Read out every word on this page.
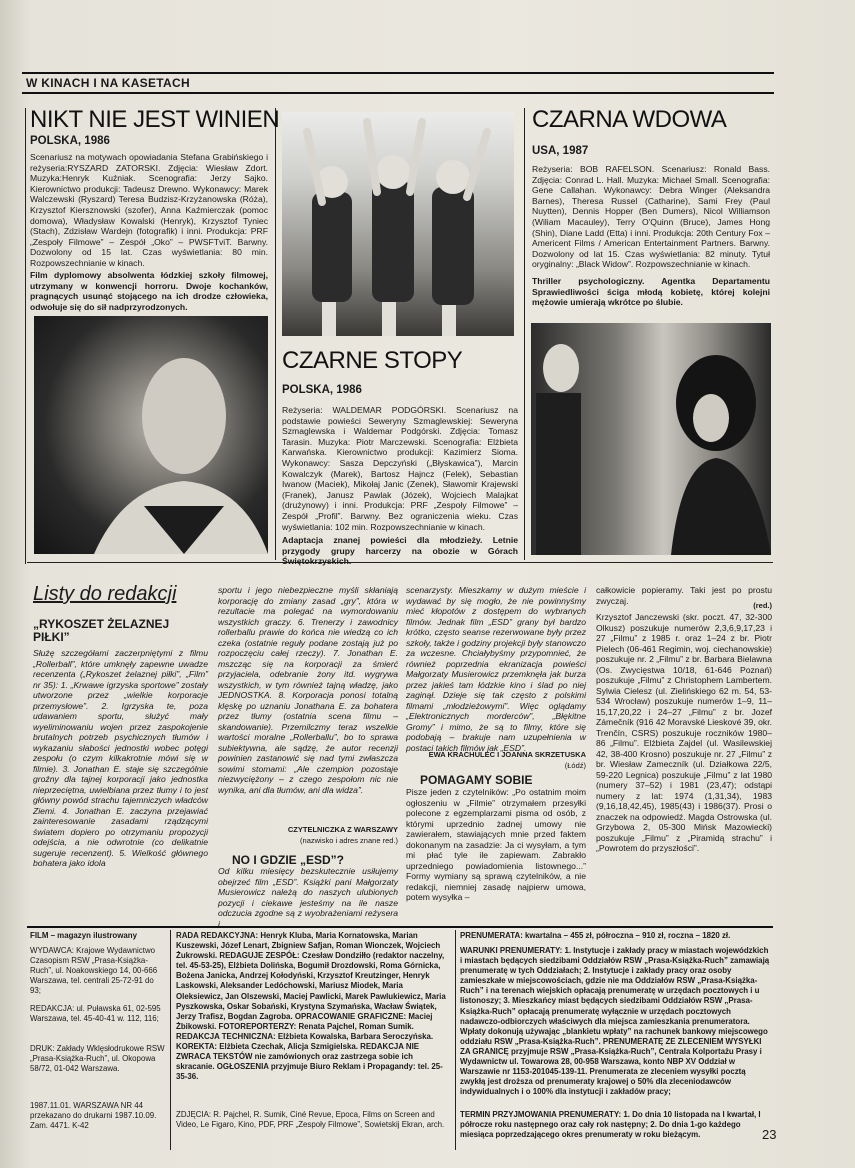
W KINACH I NA KASETACH
NIKT NIE JEST WINIEN
POLSKA, 1986
Scenariusz na motywach opowiadania Stefana Grabińskiego i reżyseria:RYSZARD ZATORSKI. Zdjęcia: Wiesław Zdort. Muzyka:Henryk Kuźniak. Scenografia: Jerzy Sajko. Kierownictwo produkcji: Tadeusz Drewno. Wykonawcy: Marek Walczewski (Ryszard) Teresa Budzisz-Krzyżanowska (Róża), Krzysztof Kiersznowski (szofer), Anna Kaźmierczak (pomoc domowa), Władysław Kowalski (Henryk), Krzysztof Tyniec (Stach), Zdzisław Wardejn (fotografik) i inni. Produkcja: PRF „Zespoły Filmowe” – Zespół „Oko” – PWSFTviT. Barwny. Dozwolony od 15 lat. Czas wyświetlania: 80 min. Rozpowszechnianie w kinach.
Film dyplomowy absolwenta łódzkiej szkoły filmowej, utrzymany w konwencji horroru. Dwoje kochanków, pragnących usunąć stojącego na ich drodze człowieka, odwołuje się do sił nadprzyrodzonych.
CZARNE STOPY
POLSKA, 1986
Reżyseria: WALDEMAR PODGÓRSKI. Scenariusz na podstawie powieści Seweryny Szmaglewskiej: Seweryna Szmaglewska i Waldemar Podgórski. Zdjęcia: Tomasz Tarasin. Muzyka: Piotr Marczewski. Scenografia: Elżbieta Karwańska. Kierownictwo produkcji: Kazimierz Sioma. Wykonawcy: Sasza Depczyński („Błyskawica”), Marcin Kowalczyk (Marek), Bartosz Hajncz (Felek), Sebastian Iwanow (Maciek), Mikołaj Janic (Zenek), Sławomir Krajewski (Franek), Janusz Pawlak (Józek), Wojciech Malajkat (drużynowy) i inni. Produkcja: PRF „Zespoły Filmowe” – Zespół „Profil”. Barwny. Bez ograniczenia wieku. Czas wyświetlania: 102 min. Rozpowszechnianie w kinach.
Adaptacja znanej powieści dla młodzieży. Letnie przygody grupy harcerzy na obozie w Górach Świętokrzyskich.
CZARNA WDOWA
USA, 1987
Reżyseria: BOB RAFELSON. Scenariusz: Ronald Bass. Zdjęcia: Conrad L. Hall. Muzyka: Michael Small. Scenografia: Gene Callahan. Wykonawcy: Debra Winger (Aleksandra Barnes), Theresa Russel (Catharine), Sami Frey (Paul Nuytten), Dennis Hopper (Ben Dumers), Nicol Williamson (Wiliam Macauley), Terry O'Quinn (Bruce), James Hong (Shin), Diane Ladd (Etta) i inni. Produkcja: 20th Century Fox – Americent Films / American Entertainment Partners. Barwny. Dozwolony od lat 15. Czas wyświetlania: 82 minuty. Tytuł oryginalny: „Black Widow”. Rozpowszechnianie w kinach.
Thriller psychologiczny. Agentka Departamentu Sprawiedliwości ściga młodą kobietę, której kolejni mężowie umierają wkrótce po ślubie.
Listy do redakcji
„RYKOSZET ŻELAZNEJ PIŁKI”
Służę szczegółami zaczerpniętymi z filmu „Rollerball”, które umknęły zapewne uwadze recenzenta („Rykoszet żelaznej piłki”, „Film” nr 35): 1. „Krwawe igrzyska sportowe” zostały utworzone przez „wielkie korporacje przemysłowe”. 2. Igrzyska te, poza udawaniem sportu, służyć mały wyeliminowaniu wojen przez zaspokojenie brutalnych potrzeb psychicznych tłumów i wykazaniu słabości jednostki wobec potęgi zespołu (o czym kilkakrotnie mówi się w filmie). 3. Jonathan E. staje się szczególnie groźny dla tajnej korporacji jako jednostka nieprzeciętna, uwielbiana przez tłumy i to jest główny powód strachu tajemniczych władców Ziemi. 4. Jonathan E. zaczyna przejawiać zainteresowanie zasadami rządzącymi światem dopiero po otrzymaniu propozycji odejścia, a nie odwrotnie (co delikatnie sugeruje recenzent). 5. Wielkość głównego bohatera jako idola
sportu i jego niebezpieczne myśli skłaniają korporację do zmiany zasad „gry”, która w rezultacie ma polegać na wymordowaniu wszystkich graczy. 6. Trenerzy i zawodnicy rollerballu prawie do końca nie wiedzą co ich czeka (ostatnie reguły podane zostają już po rozpoczęciu całej rzeczy). 7. Jonathan E. mszcząc się na korporacji za śmierć przyjaciela, odebranie żony itd. wygrywa wszystkich, w tym również tajną władzę, jako JEDNOSTKA. 8. Korporacja ponosi totalną klęskę po uznaniu Jonathana E. za bohatera przez tłumy (ostatnia scena filmu – skandowanie). Przemilczmy teraz wszelkie wartości moralne „Rollerballu”, bo to sprawa subiektywna, ale sądzę, że autor recenzji powinien zastanowić się nad tymi zwłaszcza sowimi stomami: „Ale czempion pozostaje niezwyciężony – z czego zespołom nic nie wynika, ani dla tłumów, ani dla widza”.
CZYTELNICZKA Z WARSZAWY
(nazwisko i adres znane red.)
NO I GDZIE „ESD”?
Od kilku miesięcy bezskutecznie usiłujemy obejrzeć film „ESD”. Książki pani Małgorzaty Musierowicz należą do naszych ulubionych pozycji i ciekawe jesteśmy na ile nasze odczucia zgodne są z wyobrażeniami reżysera i
scenarzysty. Mieszkamy w dużym mieście i wydawać by się mogło, że nie powinnyśmy mieć kłopotów z dostępem do wybranych filmów. Jednak film „ESD” grany był bardzo krótko, często seanse rezerwowane były przez szkoły, także i godziny projekcji były stanowczo za wczesne. Chciałybyśmy przypomnieć, że również poprzednia ekranizacja powieści Małgorzaty Musierowicz przemknęła jak burza przez jakieś tam łódzkie kino i ślad po niej zaginął. Dzieje się tak często z polskimi filmami „młodzieżowymi”. Więc oglądamy „Elektronicznych morderców”, „Błękitne Gromy” i mimo, że są to filmy, które się podobają – brakuje nam uzupełnienia w postaci takich filmów jak „ESD”.
EWA KRACHULEC I JOANNA SKRZETUSKA
(Łódź)
POMAGAMY SOBIE
Pisze jeden z czytelników: „Po ostatnim moim ogłoszeniu w „Filmie” otrzymałem przesyłki polecone z egzemplarzami pisma od osób, z którymi uprzednio żadnej umowy nie zawierałem, stawiających mnie przed faktem dokonanym na zasadzie: Ja ci wysyłam, a tym mi płać tyle ile zapiewam. Zabrakło uprzedniego powiadomienia listownego...” Formy wymiany są sprawą czytelników, a nie redakcji, niemniej zasadę najpierw umowa, potem wysyłka –
całkowicie popieramy. Taki jest po prostu zwyczaj.	(red.)
Krzysztof Janczewski (skr. poczt. 47, 32-300 Olkusz) poszukuje numerów 2,3,6,9,17,23 i 27 „Filmu” z 1985 r. oraz 1–24 z br. Piotr Pielech (06-461 Regimin, woj. ciechanowskie) poszukuje nr. 2 „Filmu” z br. Barbara Bielawna (Os. Zwycięstwa 10/18, 61-646 Poznań) poszukuje „Filmu” z Christophem Lambertem. Sylwia Cielesz (ul. Zielińskiego 62 m. 54, 53-534 Wrocław) poszukuje numerów 1–9, 11–15,17,20,22 i 24–27 „Filmu” z br. Jozef Zámečník (916 42 Moravské Lieskové 39, okr. Trenčín, CSRS) poszukuje roczników 1980–86 „Filmu”. Elżbieta Zajdel (ul. Wasilewskiej 42, 38-400 Krosno) poszukuje nr. 27 „Filmu” z br. Wiesław Zameczník (ul. Działkowa 22/5, 59-220 Legnica) poszukuje „Filmu” z lat 1980 (numery 37–52) i 1981 (23,47); odstąpi numery z lat: 1974 (1,31,34), 1983 (9,16,18,42,45), 1985(43) i 1986(37). Prosi o znaczek na odpowiedź. Magda Ostrowska (ul. Grzybowa 2, 05-300 Mińsk Mazowiecki) poszukuje „Filmu” z „Piramidą strachu” i „Powrotem do przyszłości”.
FILM – magazyn ilustrowany
WYDAWCA: Krajowe Wydawnictwo Czasopism RSW „Prasa-Książka-Ruch”, ul. Noakowskiego 14, 00-666 Warszawa, tel. centrali 25-72-91 do 93;
REDAKCJA: ul. Puławska 61, 02-595 Warszawa, tel. 45-40-41 w. 112, 116;
DRUK: Zakłady Wklęsłodrukowe RSW „Prasa-Książka-Ruch”, ul. Okopowa 58/72, 01-042 Warszawa.
1987.11.01. WARSZAWA NR 44 przekazano do drukarni 1987.10.09. Zam. 4471. K-42
RADA REDAKCYJNA: Henryk Kluba, Maria Kornatowska, Marian Kuszewski, Józef Lenart, Zbigniew Safjan, Roman Wionczek, Wojciech Żukrowski. REDAGUJE ZESPÓŁ: Czesław Dondziłło (redaktor naczelny, tel. 45-53-25), Elżbieta Dolińska, Bogumił Drozdowski, Roma Górnicka, Bożena Janicka, Andrzej Kołodyński, Krzysztof Kreutzinger, Henryk Laskowski, Aleksander Ledóchowski, Mariusz Miodek, Maria Oleksiewicz, Jan Olszewski, Maciej Pawlicki, Marek Pawlukiewicz, Maria Pyszkowska, Oskar Sobański, Krystyna Szymańska, Wacław Świątek, Jerzy Trafisz, Bogdan Zagroba. OPRACOWANIE GRAFICZNE: Maciej Żbikowski. FOTOREPORTERZY: Renata Pajchel, Roman Sumik. REDAKCJA TECHNICZNA: Elżbieta Kowalska, Barbara Seroczyńska. KOREKTA: Elżbieta Czechak, Alicja Szmigielska. REDAKCJA NIE ZWRACA TEKSTÓW nie zamówionych oraz zastrzega sobie ich skracanie. OGŁOSZENIA przyjmuje Biuro Reklam i Propagandy: tel. 25-35-36.
ZDJĘCIA: R. Pajchel, R. Sumik, Ciné Revue, Epoca, Films on Screen and Video, Le Figaro, Kino, PDF, PRF „Zespoły Filmowe”, Sowietskij Ekran, arch.
PRENUMERATA: kwartalna – 455 zł, półroczna – 910 zł, roczna – 1820 zł.
WARUNKI PRENUMERATY: 1. Instytucje i zakłady pracy w miastach wojewódzkich i miastach będących siedzibami Oddziałów RSW „Prasa-Książka-Ruch” zamawiają prenumeratę w tych Oddziałach; 2. Instytucje i zakłady pracy oraz osoby zamieszkałe w miejscowościach, gdzie nie ma Oddziałów RSW „Prasa-Książka-Ruch” i na terenach wiejskich opłacają prenumeratę w urzędach pocztowych i u listonoszy; 3. Mieszkańcy miast będących siedzibami Oddziałów RSW „Prasa-Książka-Ruch” opłacają prenumeratę wyłącznie w urzędach pocztowych nadawczo-odbiorczych właściwych dla miejsca zamieszkania prenumeratora. Wpłaty dokonują używając „blankietu wpłaty” na rachunek bankowy miejscowego oddziału RSW „Prasa-Książka-Ruch”. PRENUMERATĘ ZE ZLECENIEM WYSYŁKI ZA GRANICĘ przyjmuje RSW „Prasa-Książka-Ruch”, Centrala Kolportażu Prasy i Wydawnictw ul. Towarowa 28, 00-958 Warszawa, konto NBP XV Oddział w Warszawie nr 1153-201045-139-11. Prenumerata ze zleceniem wysyłki pocztą zwykłą jest droższa od prenumeraty krajowej o 50% dla zleceniodawców indywidualnych i o 100% dla instytucji i zakładów pracy;
TERMIN PRZYJMOWANIA PRENUMERATY: 1. Do dnia 10 listopada na I kwartał, I półrocze roku następnego oraz cały rok następny; 2. Do dnia 1-go każdego miesiąca poprzedzającego okres prenumeraty w roku bieżącym.	23
